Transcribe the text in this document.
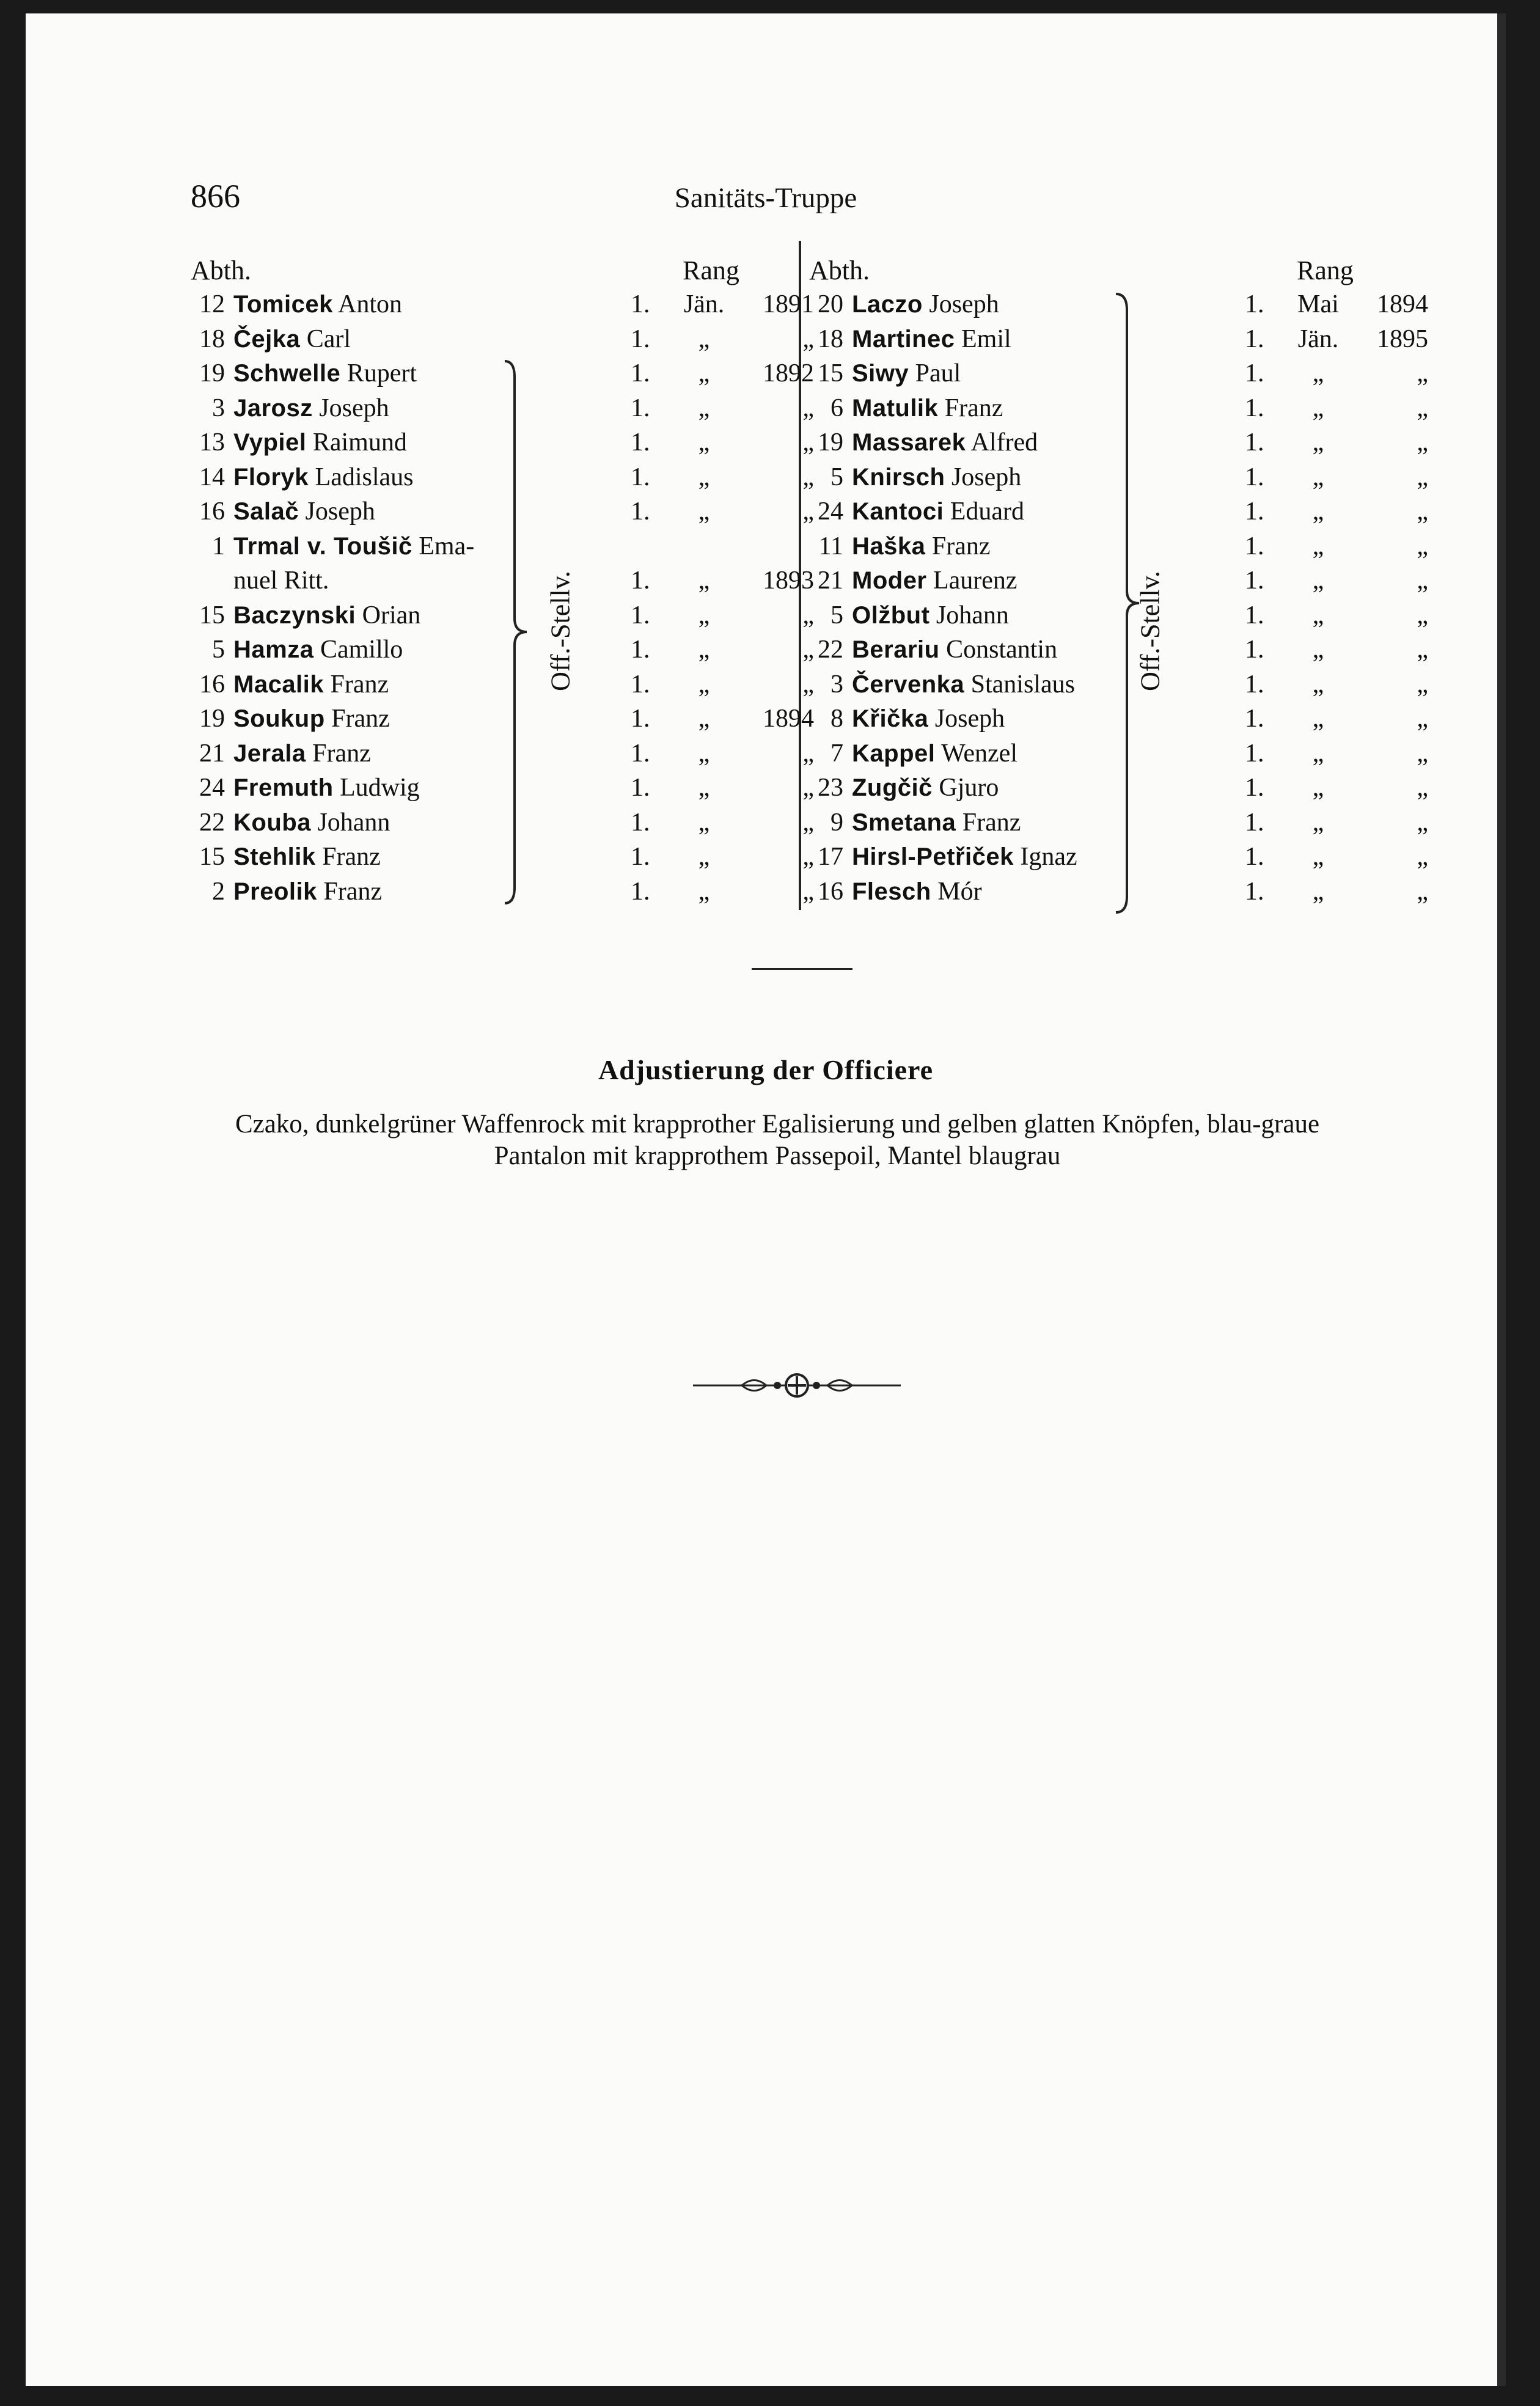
866	Sanitäts-Truppe
Abth.	Rang	Abth.	Rang
12 Tomicek Anton	1. Jän. 1891
18 Čejka Carl	1. „	„
19 Schwelle Rupert	1. „ 1892
3 Jarosz Joseph	1. „	„
13 Vypiel Raimund	1. „	„
14 Floryk Ladislaus	1. „	„
16 Salač Joseph	1. „	„
1 Trmal v. Toušič Ema-
nuel Ritt.	1. „ 1893
15 Baczynski Orian	1. „	„
5 Hamza Camillo	1. „	„
16 Macalik Franz	1. „	„
19 Soukup Franz	1. „ 1894
21 Jerala Franz	1. „	„
24 Fremuth Ludwig	1. „	„
22 Kouba Johann	1. „	„
15 Stehlik Franz	1. „	„
2 Preolik Franz	1. „	„
20 Laczo Joseph	1. Mai 1894
18 Martinec Emil	1. Jän. 1895
15 Siwy Paul	1. „	„
6 Matulik Franz	1. „	„
19 Massarek Alfred	1. „	„
5 Knirsch Joseph	1. „	„
24 Kantoci Eduard	1. „	„
11 Haška Franz	1. „	„
21 Moder Laurenz	1. „	„
5 Olžbut Johann	1. „	„
22 Berariu Constantin	1. „	„
3 Červenka Stanislaus	1. „	„
8 Křička Joseph	1. „	„
7 Kappel Wenzel	1. „	„
23 Zugčič Gjuro	1. „	„
9 Smetana Franz	1. „	„
17 Hirsl-Petřiček Ignaz	1. „	„
16 Flesch Mór	1. „	„
Off.-Stellv.	Off.-Stellv.
Adjustierung der Officiere
Czako, dunkelgrüner Waffenrock mit krapprother Egalisierung und gelben glatten Knöpfen, blau-graue Pantalon mit krapprothem Passepoil, Mantel blaugrau
